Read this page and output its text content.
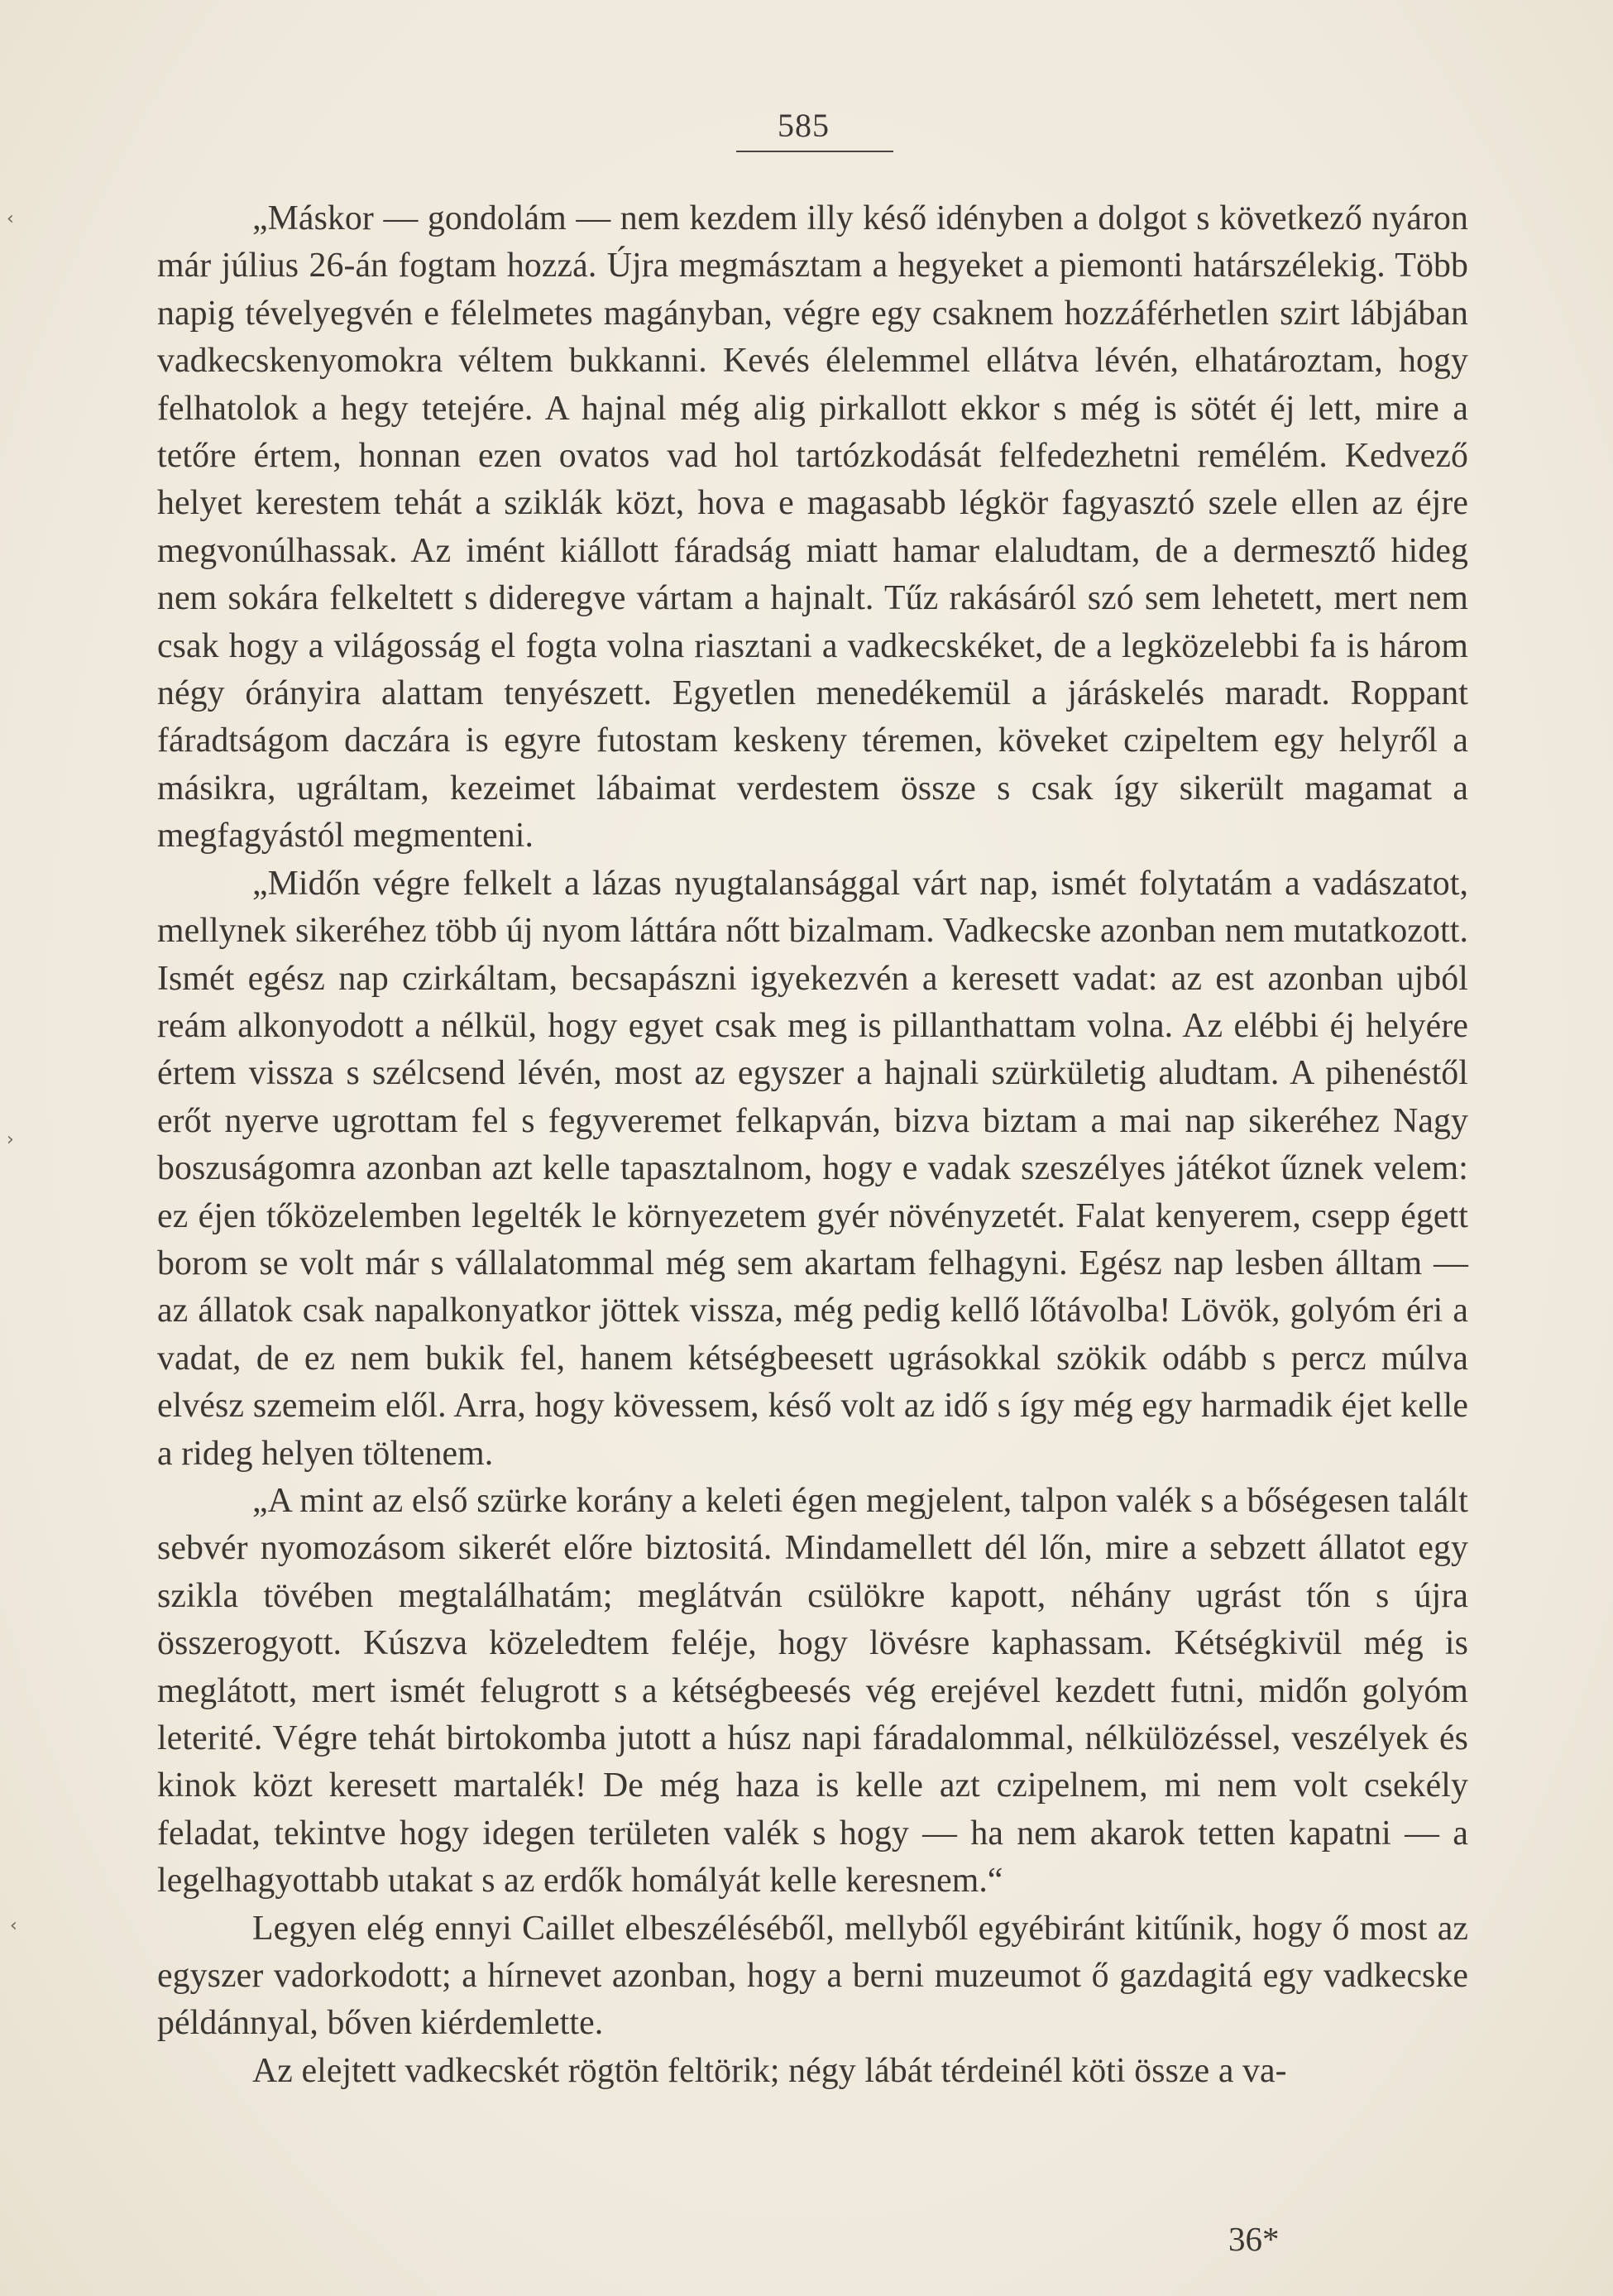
585
‹
›
‹

„Máskor — gondolám — nem kezdem illy késő idényben a dolgot s következő nyáron már július 26-án fogtam hozzá. Újra megmásztam a hegyeket a piemonti határszélekig. Több napig tévelyegvén e félelmetes magányban, végre egy csaknem hozzáférhetlen szirt lábjában vadkecskenyomokra véltem bukkanni. Kevés élelemmel ellátva lévén, elhatároztam, hogy felhatolok a hegy tetejére. A hajnal még alig pirkallott ekkor s még is sötét éj lett, mire a tetőre értem, honnan ezen ovatos vad hol tartózkodását felfedezhetni remélém. Kedvező helyet kerestem tehát a sziklák közt, hova e magasabb légkör fagyasztó szele ellen az éjre megvonúlhassak. Az imént kiállott fáradság miatt hamar elaludtam, de a dermesztő hideg nem sokára felkeltett s dideregve vártam a hajnalt. Tűz rakásáról szó sem lehetett, mert nem csak hogy a világosság el fogta volna riasztani a vadkecskéket, de a legközelebbi fa is három négy órányira alattam tenyészett. Egyetlen menedékemül a járáskelés maradt. Roppant fáradtságom daczára is egyre futostam keskeny téremen, köveket czipeltem egy helyről a másikra, ugráltam, kezeimet lábaimat verdestem össze s csak így sikerült magamat a megfagyástól megmenteni.

„Midőn végre felkelt a lázas nyugtalansággal várt nap, ismét folytatám a vadászatot, mellynek sikeréhez több új nyom láttára nőtt bizalmam. Vadkecske azonban nem mutatkozott. Ismét egész nap czirkáltam, becsapászni igyekezvén a keresett vadat: az est azonban ujból reám alkonyodott a nélkül, hogy egyet csak meg is pillanthattam volna. Az elébbi éj helyére értem vissza s szélcsend lévén, most az egyszer a hajnali szürkületig aludtam. A pihenéstől erőt nyerve ugrottam fel s fegyveremet felkapván, bizva biztam a mai nap sikeréhez Nagy boszuságomra azonban azt kelle tapasztalnom, hogy e vadak szeszélyes játékot űznek velem: ez éjen tőközelemben legelték le környezetem gyér növényzetét. Falat kenyerem, csepp égett borom se volt már s vállalatommal még sem akartam felhagyni. Egész nap lesben álltam — az állatok csak napalkonyatkor jöttek vissza, még pedig kellő lőtávolba! Lövök, golyóm éri a vadat, de ez nem bukik fel, hanem kétségbeesett ugrásokkal szökik odább s percz múlva elvész szemeim elől. Arra, hogy kövessem, késő volt az idő s így még egy harmadik éjet kelle a rideg helyen töltenem.

„A mint az első szürke korány a keleti égen megjelent, talpon valék s a bőségesen talált sebvér nyomozásom sikerét előre biztositá. Mindamellett dél lőn, mire a sebzett állatot egy szikla tövében megtalálhatám; meglátván csülökre kapott, néhány ugrást tőn s újra összerogyott. Kúszva közeledtem feléje, hogy lövésre kaphassam. Kétségkivül még is meglátott, mert ismét felugrott s a kétségbeesés vég erejével kezdett futni, midőn golyóm leterité. Végre tehát birtokomba jutott a húsz napi fáradalommal, nélkülözéssel, veszélyek és kinok közt keresett martalék! De még haza is kelle azt czipelnem, mi nem volt csekély feladat, tekintve hogy idegen területen valék s hogy — ha nem akarok tetten kapatni — a legelhagyottabb utakat s az erdők homályát kelle keresnem.“

Legyen elég ennyi Caillet elbeszéléséből, mellyből egyébiránt kitűnik, hogy ő most az egyszer vadorkodott; a hírnevet azonban, hogy a berni muzeumot ő gazdagitá egy vadkecske példánnyal, bőven kiérdemlette.

Az elejtett vadkecskét rögtön feltörik; négy lábát térdeinél köti össze a va-

36*
